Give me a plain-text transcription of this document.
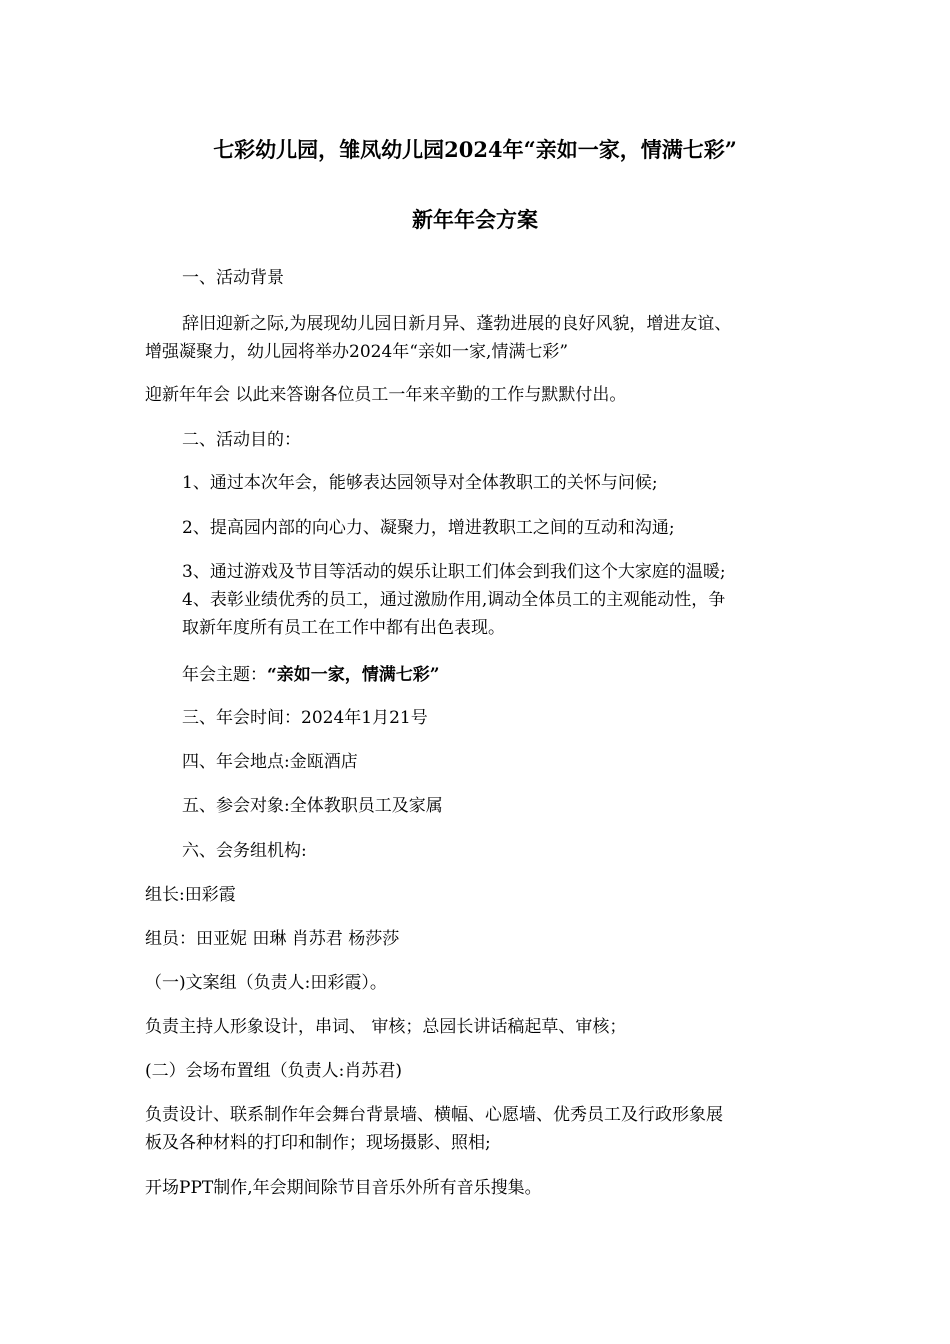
七彩幼儿园，雏凤幼儿园2024年“亲如一家，情满七彩”
新年年会方案
一、活动背景
辞旧迎新之际,为展现幼儿园日新月异、蓬勃进展的良好风貌，增进友谊、
增强凝聚力，幼儿园将举办2024年“亲如一家,情满七彩”
迎新年年会 以此来答谢各位员工一年来辛勤的工作与默默付出。
二、活动目的：
1、通过本次年会，能够表达园领导对全体教职工的关怀与问候;
2、提高园内部的向心力、凝聚力，增进教职工之间的互动和沟通;
3、通过游戏及节目等活动的娱乐让职工们体会到我们这个大家庭的温暖;
4、表彰业绩优秀的员工，通过激励作用,调动全体员工的主观能动性，争
取新年度所有员工在工作中都有出色表现。
年会主题：“亲如一家，情满七彩”
三、年会时间：2024年1月21号
四、年会地点:金瓯酒店
五、参会对象:全体教职员工及家属
六、会务组机构:
组长:田彩霞
组员：田亚妮 田琳 肖苏君 杨莎莎
（一)文案组（负责人:田彩霞）。
负责主持人形象设计，串词、 审核；总园长讲话稿起草、审核；
(二）会场布置组（负责人:肖苏君)
负责设计、联系制作年会舞台背景墙、横幅、心愿墙、优秀员工及行政形象展
板及各种材料的打印和制作；现场摄影、照相;
开场PPT制作,年会期间除节目音乐外所有音乐搜集。
